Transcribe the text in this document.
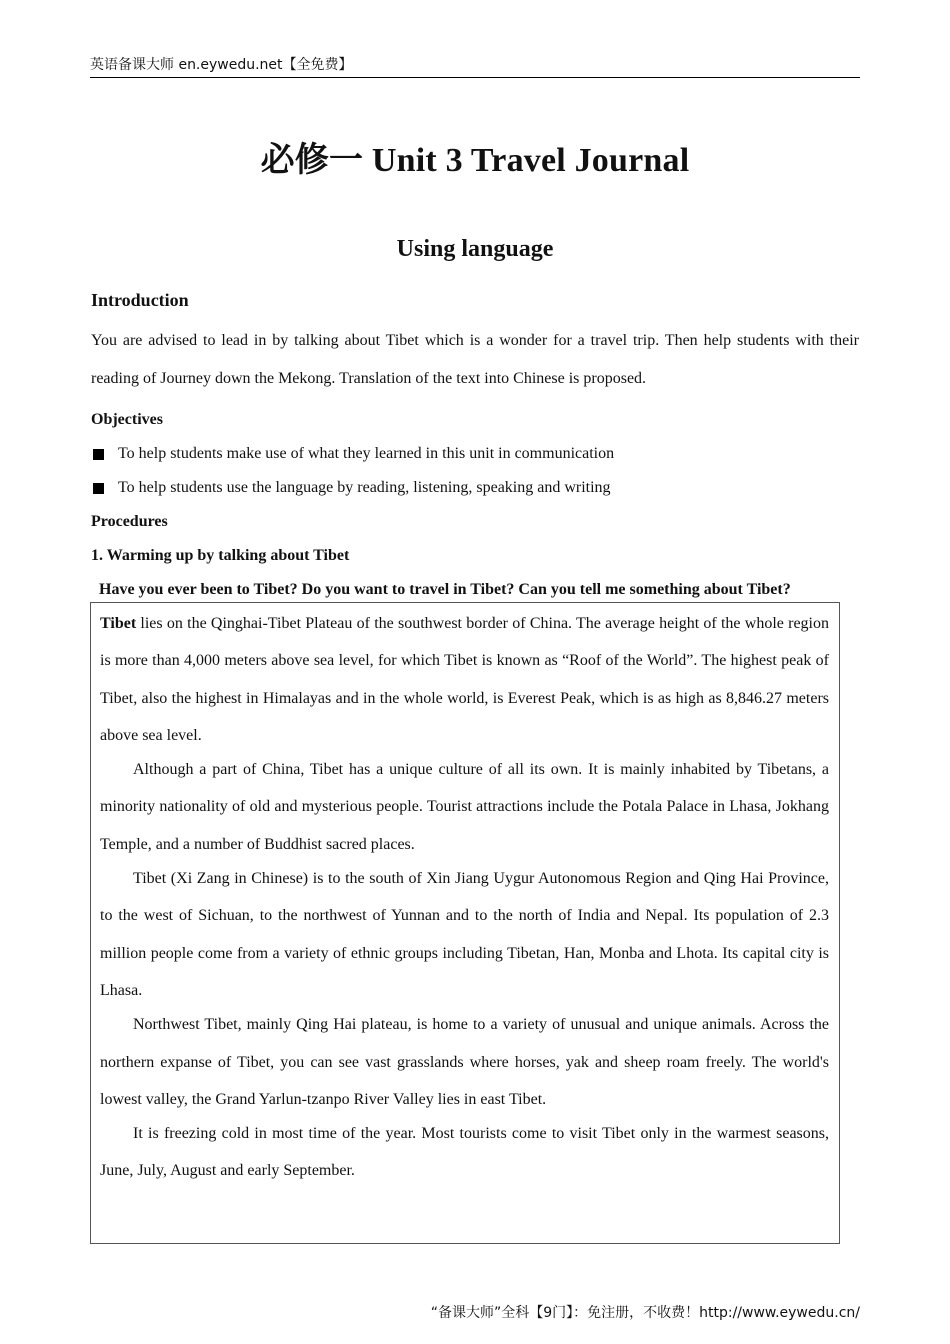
英语备课大师 en.eywedu.net【全免费】
必修一 Unit 3 Travel Journal
Using language
Introduction

You are advised to lead in by talking about Tibet which is a wonder for a travel trip. Then help students with their reading of Journey down the Mekong. Translation of the text into Chinese is proposed.

Objectives
To help students make use of what they learned in this unit in communication
To help students use the language by reading, listening, speaking and writing
Procedures
1. Warming up by talking about Tibet
Have you ever been to Tibet? Do you want to travel in Tibet? Can you tell me something about Tibet?

Tibet lies on the Qinghai-Tibet Plateau of the southwest border of China. The average height of the whole region is more than 4,000 meters above sea level, for which Tibet is known as “Roof of the World”. The highest peak of Tibet, also the highest in Himalayas and in the whole world, is Everest Peak, which is as high as 8,846.27 meters above sea level.

Although a part of China, Tibet has a unique culture of all its own. It is mainly inhabited by Tibetans, a minority nationality of old and mysterious people. Tourist attractions include the Potala Palace in Lhasa, Jokhang Temple, and a number of Buddhist sacred places.

Tibet (Xi Zang in Chinese) is to the south of Xin Jiang Uygur Autonomous Region and Qing Hai Province, to the west of Sichuan, to the northwest of Yunnan and to the north of India and Nepal. Its population of 2.3 million people come from a variety of ethnic groups including Tibetan, Han, Monba and Lhota. Its capital city is Lhasa.

Northwest Tibet, mainly Qing Hai plateau, is home to a variety of unusual and unique animals. Across the northern expanse of Tibet, you can see vast grasslands where horses, yak and sheep roam freely. The world's lowest valley, the Grand Yarlun-tzanpo River Valley lies in east Tibet.

It is freezing cold in most time of the year. Most tourists come to visit Tibet only in the warmest seasons, June, July, August and early September.

“备课大师”全科【9门】：免注册，不收费！http://www.eywedu.cn/
